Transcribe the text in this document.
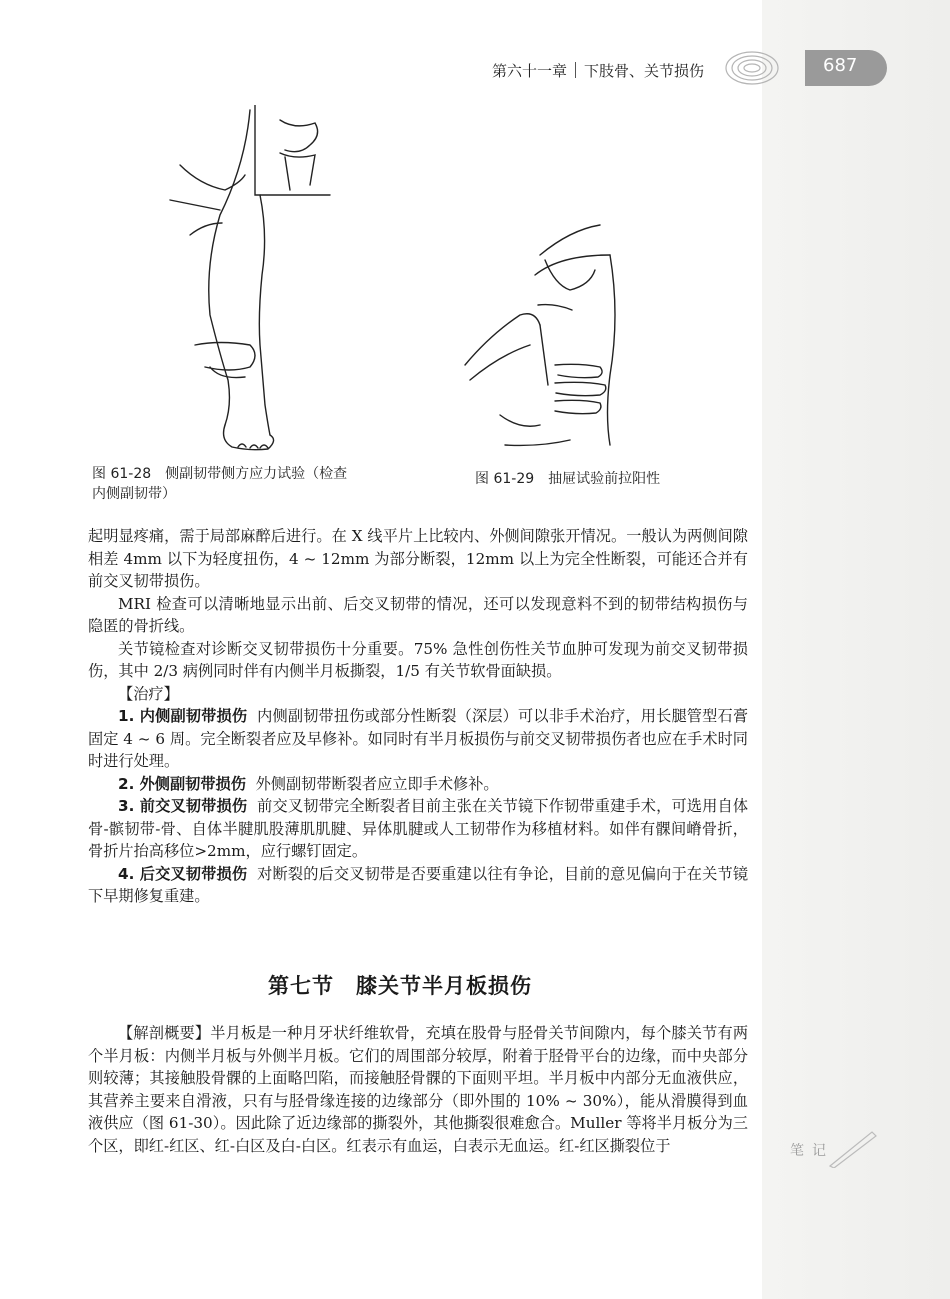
第六十一章 下肢骨、关节损伤	687
图 61-28　侧副韧带侧方应力试验（检查
内侧副韧带）
图 61-29　抽屉试验前拉阳性

起明显疼痛，需于局部麻醉后进行。在 X 线平片上比较内、外侧间隙张开情况。一般认为两侧间隙相差 4mm 以下为轻度扭伤，4 ~ 12mm 为部分断裂，12mm 以上为完全性断裂，可能还合并有前交叉韧带损伤。

MRI 检查可以清晰地显示出前、后交叉韧带的情况，还可以发现意料不到的韧带结构损伤与隐匿的骨折线。

关节镜检查对诊断交叉韧带损伤十分重要。75% 急性创伤性关节血肿可发现为前交叉韧带损伤，其中 2/3 病例同时伴有内侧半月板撕裂，1/5 有关节软骨面缺损。

【治疗】

1. 内侧副韧带损伤 内侧副韧带扭伤或部分性断裂（深层）可以非手术治疗，用长腿管型石膏固定 4 ~ 6 周。完全断裂者应及早修补。如同时有半月板损伤与前交叉韧带损伤者也应在手术时同时进行处理。

2. 外侧副韧带损伤 外侧副韧带断裂者应立即手术修补。

3. 前交叉韧带损伤 前交叉韧带完全断裂者目前主张在关节镜下作韧带重建手术，可选用自体骨-髌韧带-骨、自体半腱肌股薄肌肌腱、异体肌腱或人工韧带作为移植材料。如伴有髁间嵴骨折，骨折片抬高移位>2mm，应行螺钉固定。

4. 后交叉韧带损伤 对断裂的后交叉韧带是否要重建以往有争论，目前的意见偏向于在关节镜下早期修复重建。

第七节　膝关节半月板损伤

【解剖概要】半月板是一种月牙状纤维软骨，充填在股骨与胫骨关节间隙内，每个膝关节有两个半月板：内侧半月板与外侧半月板。它们的周围部分较厚，附着于胫骨平台的边缘，而中央部分则较薄；其接触股骨髁的上面略凹陷，而接触胫骨髁的下面则平坦。半月板中内部分无血液供应，其营养主要来自滑液，只有与胫骨缘连接的边缘部分（即外围的 10% ~ 30%），能从滑膜得到血液供应（图 61-30）。因此除了近边缘部的撕裂外，其他撕裂很难愈合。Muller 等将半月板分为三个区，即红-红区、红-白区及白-白区。红表示有血运，白表示无血运。红-红区撕裂位于	笔记
